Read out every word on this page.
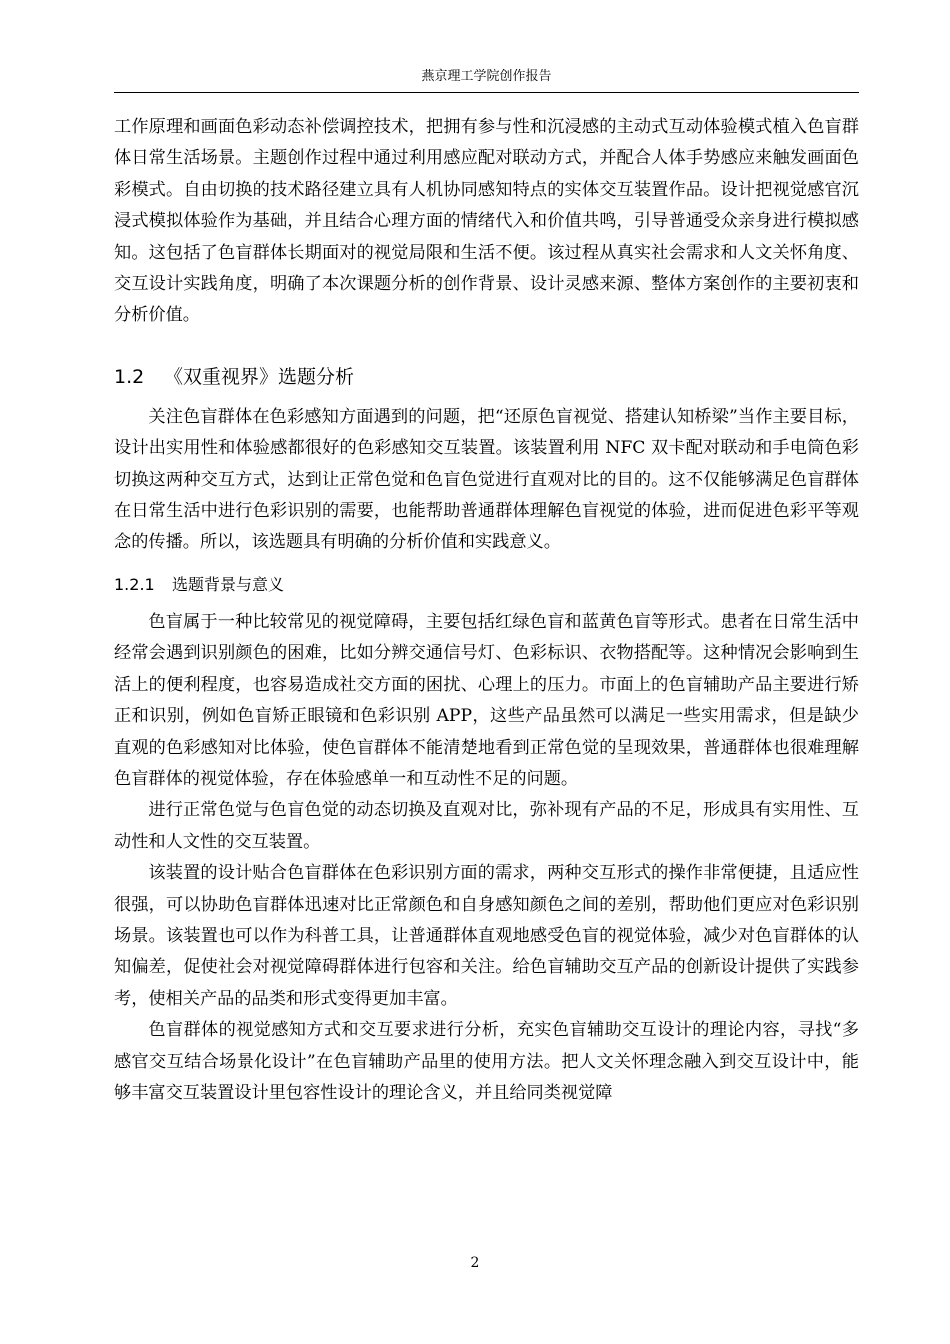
燕京理工学院创作报告

工作原理和画面色彩动态补偿调控技术，把拥有参与性和沉浸感的主动式互动体验模式植入色盲群体日常生活场景。主题创作过程中通过利用感应配对联动方式，并配合人体手势感应来触发画面色彩模式。自由切换的技术路径建立具有人机协同感知特点的实体交互装置作品。设计把视觉感官沉浸式模拟体验作为基础，并且结合心理方面的情绪代入和价值共鸣，引导普通受众亲身进行模拟感知。这包括了色盲群体长期面对的视觉局限和生活不便。该过程从真实社会需求和人文关怀角度、交互设计实践角度，明确了本次课题分析的创作背景、设计灵感来源、整体方案创作的主要初衷和分析价值。

1.2 《双重视界》选题分析

关注色盲群体在色彩感知方面遇到的问题，把“还原色盲视觉、搭建认知桥梁”当作主要目标，设计出实用性和体验感都很好的色彩感知交互装置。该装置利用 NFC 双卡配对联动和手电筒色彩切换这两种交互方式，达到让正常色觉和色盲色觉进行直观对比的目的。这不仅能够满足色盲群体在日常生活中进行色彩识别的需要，也能帮助普通群体理解色盲视觉的体验，进而促进色彩平等观念的传播。所以，该选题具有明确的分析价值和实践意义。

1.2.1 选题背景与意义

色盲属于一种比较常见的视觉障碍，主要包括红绿色盲和蓝黄色盲等形式。患者在日常生活中经常会遇到识别颜色的困难，比如分辨交通信号灯、色彩标识、衣物搭配等。这种情况会影响到生活上的便利程度，也容易造成社交方面的困扰、心理上的压力。市面上的色盲辅助产品主要进行矫正和识别，例如色盲矫正眼镜和色彩识别 APP，这些产品虽然可以满足一些实用需求，但是缺少直观的色彩感知对比体验，使色盲群体不能清楚地看到正常色觉的呈现效果，普通群体也很难理解色盲群体的视觉体验，存在体验感单一和互动性不足的问题。

进行正常色觉与色盲色觉的动态切换及直观对比，弥补现有产品的不足，形成具有实用性、互动性和人文性的交互装置。

该装置的设计贴合色盲群体在色彩识别方面的需求，两种交互形式的操作非常便捷，且适应性很强，可以协助色盲群体迅速对比正常颜色和自身感知颜色之间的差别，帮助他们更应对色彩识别场景。该装置也可以作为科普工具，让普通群体直观地感受色盲的视觉体验，减少对色盲群体的认知偏差，促使社会对视觉障碍群体进行包容和关注。给色盲辅助交互产品的创新设计提供了实践参考，使相关产品的品类和形式变得更加丰富。

色盲群体的视觉感知方式和交互要求进行分析，充实色盲辅助交互设计的理论内容，寻找“多感官交互结合场景化设计”在色盲辅助产品里的使用方法。把人文关怀理念融入到交互设计中，能够丰富交互装置设计里包容性设计的理论含义，并且给同类视觉障

2
